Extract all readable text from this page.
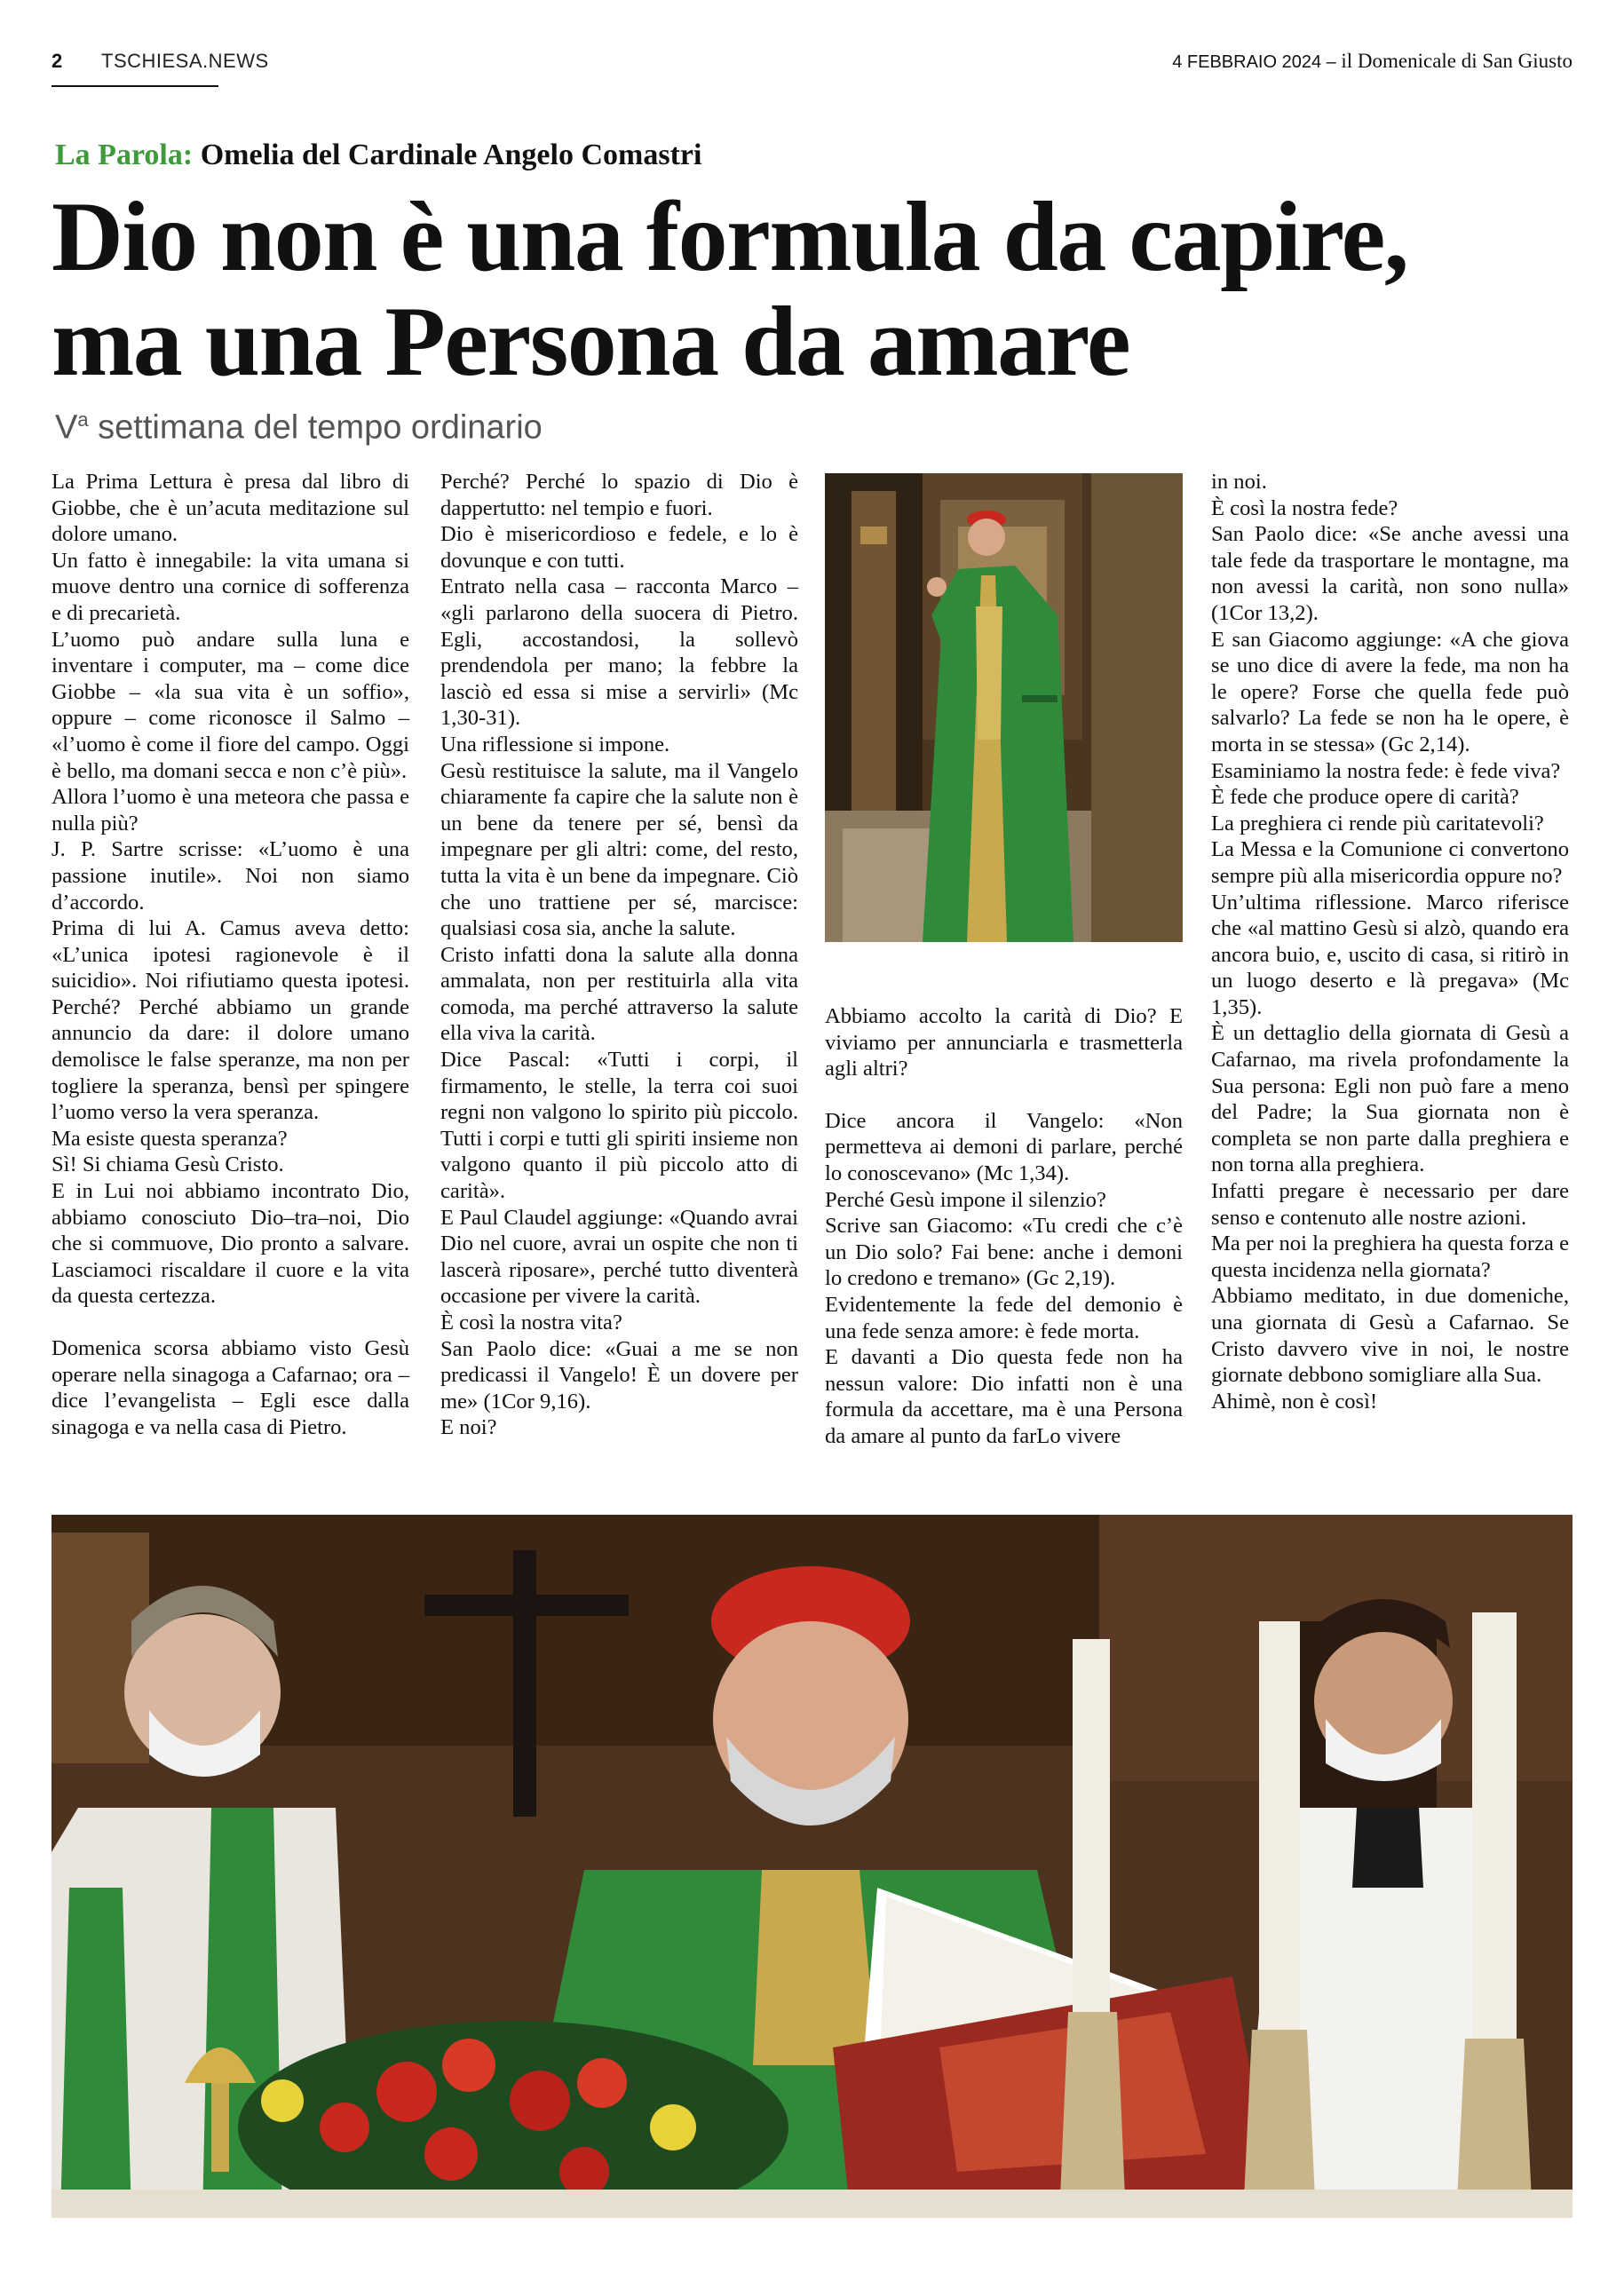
2 TSCHIESA.NEWS	4 FEBBRAIO 2024 – il Domenicale di San Giusto
La Parola: Omelia del Cardinale Angelo Comastri
Dio non è una formula da capire,
ma una Persona da amare
$V^a$ settimana del tempo ordinario

La Prima Lettura è presa dal libro di Giobbe, che è un’acuta meditazione sul dolore umano.

Un fatto è innegabile: la vita umana si muove dentro una cornice di sofferenza e di precarietà.

L’uomo può andare sulla luna e inventare i computer, ma – come dice Giobbe – «la sua vita è un soffio», oppure – come riconosce il Salmo – «l’uomo è come il fiore del campo. Oggi è bello, ma domani secca e non c’è più».

Allora l’uomo è una meteora che passa e nulla più?

J. P. Sartre scrisse: «L’uomo è una passione inutile». Noi non siamo d’accordo.

Prima di lui A. Camus aveva detto: «L’unica ipotesi ragionevole è il suicidio». Noi rifiutiamo questa ipotesi. Perché? Perché abbiamo un grande annuncio da dare: il dolore umano demolisce le false speranze, ma non per togliere la speranza, bensì per spingere l’uomo verso la vera speranza.

Ma esiste questa speranza?

Sì! Si chiama Gesù Cristo.

E in Lui noi abbiamo incontrato Dio, abbiamo conosciuto Dio–tra–noi, Dio che si commuove, Dio pronto a salvare. Lasciamoci riscaldare il cuore e la vita da questa certezza.

Domenica scorsa abbiamo visto Gesù operare nella sinagoga a Cafarnao; ora – dice l’evangelista – Egli esce dalla sinagoga e va nella casa di Pietro.

Perché? Perché lo spazio di Dio è dappertutto: nel tempio e fuori.

Dio è misericordioso e fedele, e lo è dovunque e con tutti.

Entrato nella casa – racconta Marco – «gli parlarono della suocera di Pietro. Egli, accostandosi, la sollevò prendendola per mano; la febbre la lasciò ed essa si mise a servirli» (Mc 1,30-31).

Una riflessione si impone.

Gesù restituisce la salute, ma il Vangelo chiaramente fa capire che la salute non è un bene da tenere per sé, bensì da impegnare per gli altri: come, del resto, tutta la vita è un bene da impegnare. Ciò che uno trattiene per sé, marcisce: qualsiasi cosa sia, anche la salute.

Cristo infatti dona la salute alla donna ammalata, non per restituirla alla vita comoda, ma perché attraverso la salute ella viva la carità.

Dice Pascal: «Tutti i corpi, il firmamento, le stelle, la terra coi suoi regni non valgono lo spirito più piccolo. Tutti i corpi e tutti gli spiriti insieme non valgono quanto il più piccolo atto di carità».

E Paul Claudel aggiunge: «Quando avrai Dio nel cuore, avrai un ospite che non ti lascerà riposare», perché tutto diventerà occasione per vivere la carità.

È così la nostra vita?

San Paolo dice: «Guai a me se non predicassi il Vangelo! È un dovere per me» (1Cor 9,16).

E noi?

Abbiamo accolto la carità di Dio? E viviamo per annunciarla e trasmetterla agli altri?

Dice ancora il Vangelo: «Non permetteva ai demoni di parlare, perché lo conoscevano» (Mc 1,34).

Perché Gesù impone il silenzio?

Scrive san Giacomo: «Tu credi che c’è un Dio solo? Fai bene: anche i demoni lo credono e tremano» (Gc 2,19).

Evidentemente la fede del demonio è una fede senza amore: è fede morta.

E davanti a Dio questa fede non ha nessun valore: Dio infatti non è una formula da accettare, ma è una Persona da amare al punto da farLo vivere

in noi.

È così la nostra fede?

San Paolo dice: «Se anche avessi una tale fede da trasportare le montagne, ma non avessi la carità, non sono nulla» (1Cor 13,2).

E san Giacomo aggiunge: «A che giova se uno dice di avere la fede, ma non ha le opere? Forse che quella fede può salvarlo? La fede se non ha le opere, è morta in se stessa» (Gc 2,14).

Esaminiamo la nostra fede: è fede viva?

È fede che produce opere di carità?

La preghiera ci rende più caritatevoli?

La Messa e la Comunione ci convertono sempre più alla misericordia oppure no?

Un’ultima riflessione. Marco riferisce che «al mattino Gesù si alzò, quando era ancora buio, e, uscito di casa, si ritirò in un luogo deserto e là pregava» (Mc 1,35).

È un dettaglio della giornata di Gesù a Cafarnao, ma rivela profondamente la Sua persona: Egli non può fare a meno del Padre; la Sua giornata non è completa se non parte dalla preghiera e non torna alla preghiera.

Infatti pregare è necessario per dare senso e contenuto alle nostre azioni.

Ma per noi la preghiera ha questa forza e questa incidenza nella giornata?

Abbiamo meditato, in due domeniche, una giornata di Gesù a Cafarnao. Se Cristo davvero vive in noi, le nostre giornate debbono somigliare alla Sua.

Ahimè, non è così!
